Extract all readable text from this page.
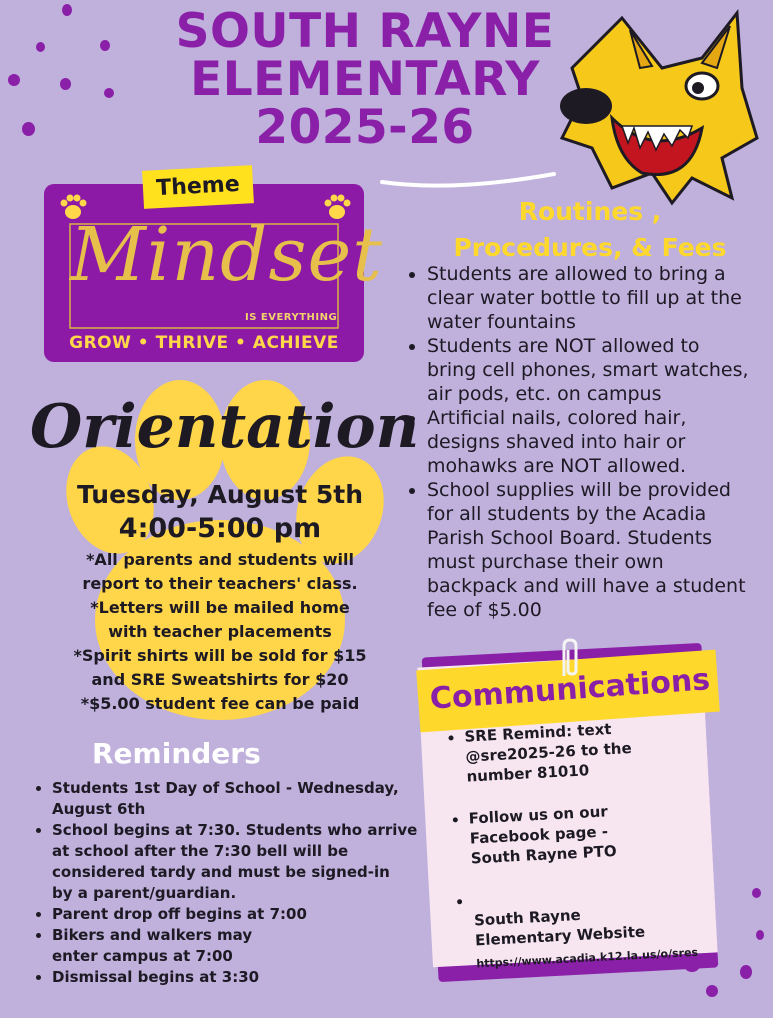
SOUTH RAYNE
ELEMENTARY
2025-26
Theme
Mindset
IS EVERYTHING
GROW • THRIVE • ACHIEVE
Orientation
Tuesday, August 5th
4:00-5:00 pm
*All parents and students will
report to their teachers' class.
*Letters will be mailed home
with teacher placements
*Spirit shirts will be sold for $15
and SRE Sweatshirts for $20
*$5.00 student fee can be paid
Reminders
• Students 1st Day of School - Wednesday,
August 6th
• School begins at 7:30. Students who arrive
at school after the 7:30 bell will be
considered tardy and must be signed-in
by a parent/guardian.
• Parent drop off begins at 7:00
• Bikers and walkers may
enter campus at 7:00
• Dismissal begins at 3:30
Routines ,
Procedures, & Fees
• Students are allowed to bring a
clear water bottle to fill up at the
water fountains
• Students are NOT allowed to
bring cell phones, smart watches,
air pods, etc. on campus
• Artificial nails, colored hair,
designs shaved into hair or
mohawks are NOT allowed.
• School supplies will be provided
for all students by the Acadia
Parish School Board. Students
must purchase their own
backpack and will have a student
fee of $5.00
Communications
• SRE Remind: text
@sre2025-26 to the
number 81010
• Follow us on our
Facebook page -
South Rayne PTO

• South Rayne
Elementary Website

https://www.acadia.k12.la.us/o/sres
